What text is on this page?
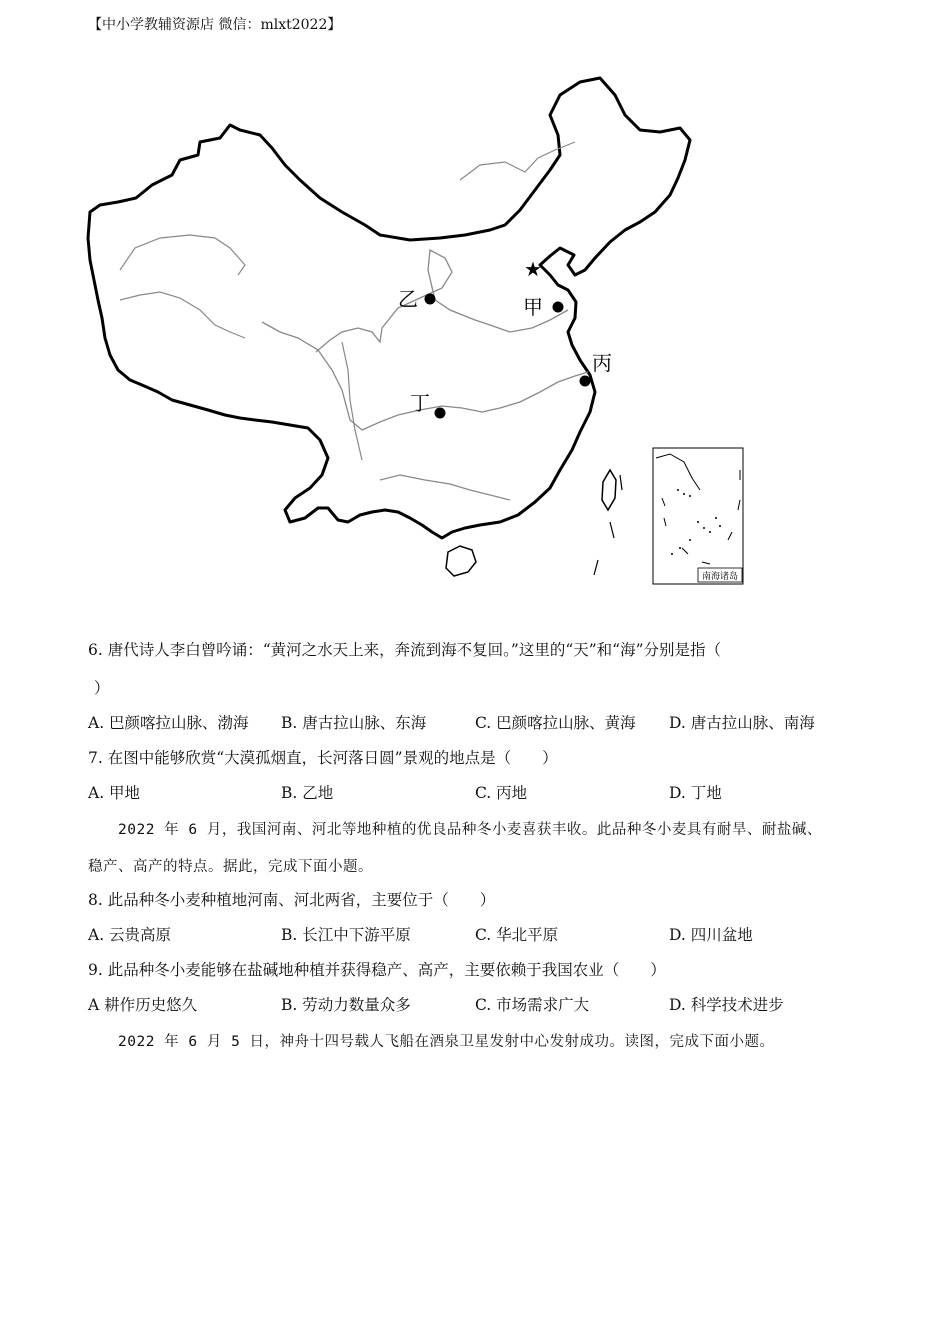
【中小学教辅资源店 微信：mlxt2022】
南海诸岛
★
甲
乙
丙
丁
6. 唐代诗人李白曾吟诵：“黄河之水天上来，奔流到海不复回。”这里的“天”和“海”分别是指（
）
A. 巴颜喀拉山脉、渤海 B. 唐古拉山脉、东海	C. 巴颜喀拉山脉、黄海 D. 唐古拉山脉、南海
7. 在图中能够欣赏“大漠孤烟直，长河落日圆”景观的地点是（　　）
A. 甲地	B. 乙地	C. 丙地	D. 丁地
2022 年 6 月，我国河南、河北等地种植的优良品种冬小麦喜获丰收。此品种冬小麦具有耐旱、耐盐碱、
稳产、高产的特点。据此，完成下面小题。
8. 此品种冬小麦种植地河南、河北两省，主要位于（　　）
A. 云贵高原	B. 长江中下游平原	C. 华北平原	D. 四川盆地
9. 此品种冬小麦能够在盐碱地种植并获得稳产、高产，主要依赖于我国农业（　　）
A 耕作历史悠久	B. 劳动力数量众多	C. 市场需求广大	D. 科学技术进步
2022 年 6 月 5 日，神舟十四号载人飞船在酒泉卫星发射中心发射成功。读图，完成下面小题。
